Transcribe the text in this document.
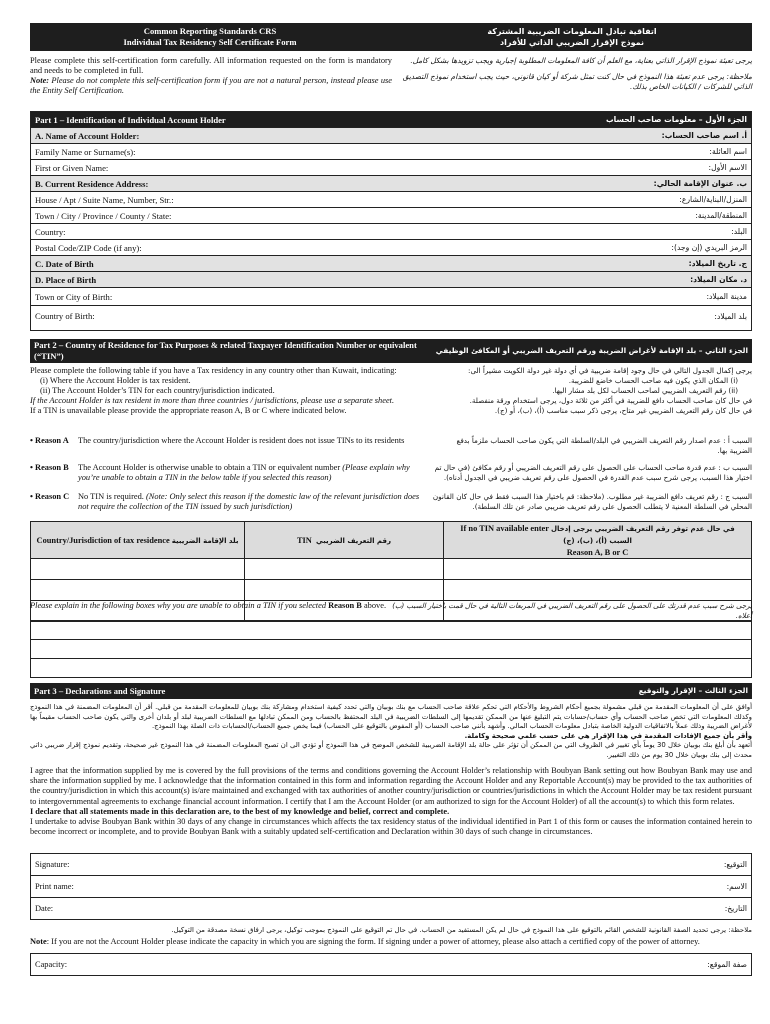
Common Reporting Standards CRS
Individual Tax Residency Self Certificate Form
اتفاقية تبادل المعلومات الضريبية المشتركة
نموذج الإقرار الضريبي الذاتي للأفراد
Please complete this self-certification form carefully. All information requested on the form is mandatory and needs to be completed in full.
Note: Please do not complete this self-certification form if you are not a natural person, instead please use the Entity Self Certification.
يرجى تعبئة نموذج الإقرار الذاتي بعناية، مع العلم أن كافة المعلومات المطلوبة إجبارية ويجب تزويدها بشكل كامل.
ملاحظة: يرجى عدم تعبئة هذا النموذج في حال كنت تمثل شركة أو كيان قانوني، حيث يجب استخدام نموذج التصديق الذاتي للشركات / الكيانات الخاص بذلك.
Part 1 – Identification of Individual Account Holder	الجزء الأول – معلومات صاحب الحساب
A. Name of Account Holder:	أ. اسم صاحب الحساب:
Family Name or Surname(s):	اسم العائلة:
First or Given Name:	الاسم الأول:
B. Current Residence Address:	ب. عنوان الإقامة الحالي:
House / Apt / Suite Name, Number, Str.:	المنزل/البناية/الشارع:
Town / City / Province / County / State:	المنطقة/المدينة:
Country:	البلد:
Postal Code/ZIP Code (if any):	الرمز البريدي (إن وجد):
C. Date of Birth	ج. تاريخ الميلاد:
D. Place of Birth	د. مكان الميلاد:
Town or City of Birth:	مدينة الميلاد:
Country of Birth:	بلد الميلاد:
Part 2 – Country of Residence for Tax Purposes & related Taxpayer Identification Number or equivalent (“TIN”)
الجزء الثاني – بلد الإقامة لأغراض الضريبة ورقم التعريف الضريبي أو المكافئ الوظيفي
Please complete the following table if you have a Tax residency in any country other than Kuwait, indicating:
(i) Where the Account Holder is tax resident.
(ii) The Account Holder’s TIN for each country/jurisdiction indicated.
If the Account Holder is tax resident in more than three countries / jurisdictions, please use a separate sheet.
If a TIN is unavailable please provide the appropriate reason A, B or C where indicated below.
يرجى إكمال الجدول التالي في حال وجود إقامة ضريبية في أي دولة غير دولة الكويت مشيراً الى:
(i) المكان الذي يكون فيه صاحب الحساب خاضع للضريبة.
(ii) رقم التعريف الضريبي لصاحب الحساب لكل بلد مشار اليها.
في حال كان صاحب الحساب دافع للضريبة في أكثر من ثلاثة دول، يرجى استخدام ورقة منفصلة.
في حال كان رقم التعريف الضريبي غير متاح، يرجى ذكر سبب مناسب (أ)، (ب)، أو (ج).
• Reason A	The country/jurisdiction where the Account Holder is resident does not issue TINs to its residents	السبب أ : عدم اصدار رقم التعريف الضريبي في البلد/السلطة التي يكون صاحب الحساب ملزماً بدفع الضريبة بها.
• Reason B	The Account Holder is otherwise unable to obtain a TIN or equivalent number (Please explain why you’re unable to obtain a TIN in the below table if you selected this reason)
السبب ب : عدم قدرة صاحب الحساب على الحصول على رقم التعريف الضريبي أو رقم مكافئ (في حال تم اختيار هذا السبب، يرجى شرح سبب عدم القدرة في الحصول على رقم تعريف ضريبي في الجدول أدناه).
• Reason C	No TIN is required. (Note: Only select this reason if the domestic law of the relevant jurisdiction does not require the collection of the TIN issued by such jurisdiction)
السبب ج : رقم تعريف دافع الضريبة غير مطلوب. (ملاحظة: قم باختيار هذا السبب فقط في حال كان القانون المحلي في السلطة المعنية لا يتطلب الحصول على رقم تعريف ضريبي صادر عن تلك السلطة).
Country/Jurisdiction of tax residence بلد الإقامة الضريبية	TIN رقم التعريف الضريبي	If no TIN available enter في حال عدم توفر رقم التعريف الضريبي يرجى إدخال السبب (أ)، (ب)، (ج)
Reason A, B or C

Please explain in the following boxes why you are unable to obtain a TIN if you selected Reason B above. يرجى شرح سبب عدم قدرتك على الحصول على رقم التعريف الضريبي في المربعات التالية في حال قمت باختيار السبب (ب) أعلاه.

Part 3 – Declarations and Signature	الجزء الثالث – الإقرار والتوقيع
أوافق على أن المعلومات المقدمة من قبلي مشمولة بجميع أحكام الشروط والأحكام التي تحكم علاقة صاحب الحساب مع بنك بوبيان والتي تحدد كيفية استخدام ومشاركة بنك بوبيان للمعلومات المقدمة من قبلي. أقر أن المعلومات المضمنة في هذا النموذج وكذلك المعلومات التي تخص صاحب الحساب وأي حساب/حسابات يتم التبليغ عنها من الممكن تقديمها إلى السلطات الضريبية في البلد المحتفظ بالحساب ومن الممكن تبادلها مع السلطات الضريبية لبلد أو بلدان أخرى والتي يكون صاحب الحساب مقيماً بها لأغراض الضريبة وذلك عملاً بالاتفاقيات الدولية الخاصة بتبادل معلومات الحساب المالي. وأشهد بأنني صاحب الحساب (أو المفوض بالتوقيع على الحساب) فيما يخص جميع الحساب/الحسابات ذات الصلة بهذا النموذج.
وأقر بأن جميع الإفادات المقدمة في هذا الإقرار هي على حسب علمي صحيحة وكاملة.
أتعهد بأن أبلغ بنك بوبيان خلال 30 يوماً بأي تغيير في الظروف التي من الممكن أن تؤثر على حالة بلد الإقامة الضريبية للشخص الموضح في هذا النموذج أو تؤدي الى ان تصبح المعلومات المضمنة في هذا النموذج غير صحيحة، وتقديم نموذج إقرار ضريبي ذاتي محدث إلى بنك بوبيان خلال 30 يوم من ذلك التغيير.
I agree that the information supplied by me is covered by the full provisions of the terms and conditions governing the Account Holder’s relationship with Boubyan Bank setting out how Boubyan Bank may use and share the information supplied by me. I acknowledge that the information contained in this form and information regarding the Account Holder and any Reportable Account(s) may be provided to the tax authorities of the country/jurisdiction in which this account(s) is/are maintained and exchanged with tax authorities of another country/jurisdiction or countries/jurisdictions in which the Account Holder may be tax resident pursuant to intergovernmental agreements to exchange financial account information. I certify that I am the Account Holder (or am authorized to sign for the Account Holder) of all the account(s) to which this form relates.
I declare that all statements made in this declaration are, to the best of my knowledge and belief, correct and complete.
I undertake to advise Boubyan Bank within 30 days of any change in circumstances which affects the tax residency status of the individual identified in Part 1 of this form or causes the information contained herein to become incorrect or incomplete, and to provide Boubyan Bank with a suitably updated self-certification and Declaration within 30 days of such change in circumstances.
Signature:	التوقيع:

Print name:	الاسم:

Date:	التاريخ:
ملاحظة: يرجى تحديد الصفة القانونية للشخص القائم بالتوقيع على هذا النموذج في حال لم يكن المستفيد من الحساب. في حال تم التوقيع على النموذج بموجب توكيل، يرجى ارفاق نسخة مصدقة من التوكيل.
Note: If you are not the Account Holder please indicate the capacity in which you are signing the form. If signing under a power of attorney, please also attach a certified copy of the power of attorney.
Capacity:	صفة الموقع:
